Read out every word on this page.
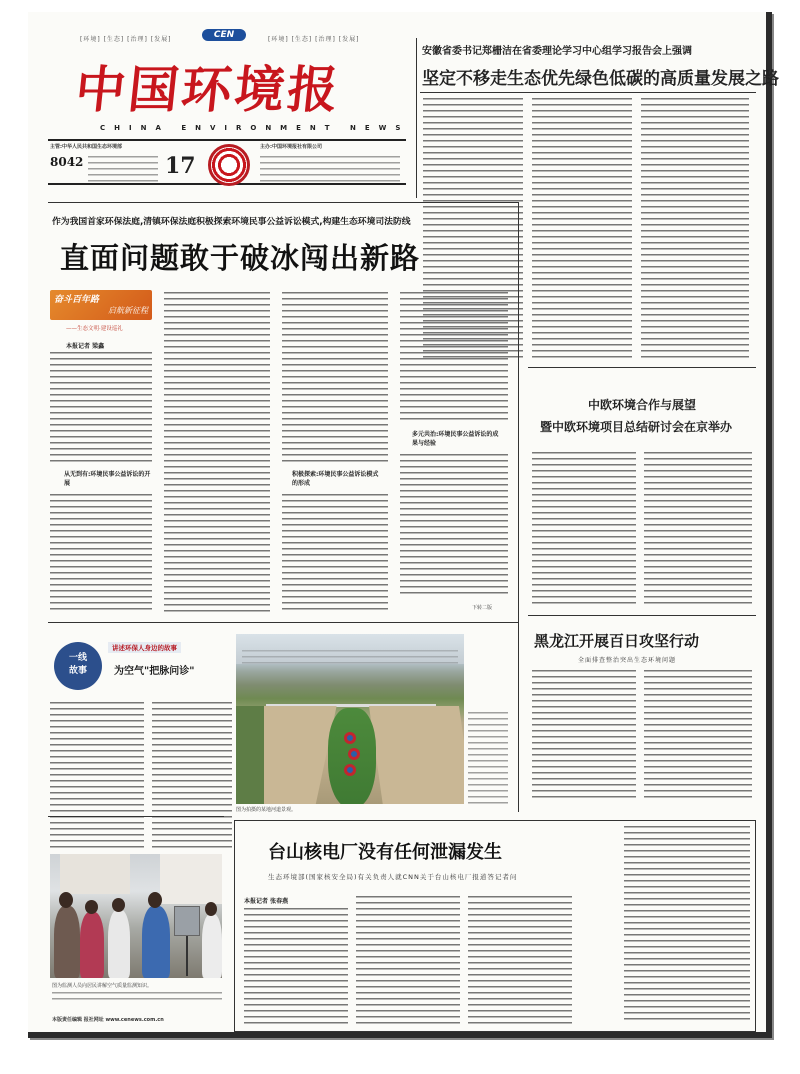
[环境] [生态] [治理] [发展]	CEN	[环境] [生态] [治理] [发展]
中国环境报
CHINA ENVIRONMENT NEWS
主管:中华人民共和国生态环境部	主办:中国环境报社有限公司
8042	17
安徽省委书记郑栅洁在省委理论学习中心组学习报告会上强调
坚定不移走生态优先绿色低碳的高质量发展之路
作为我国首家环保法庭,清镇环保法庭积极探索环境民事公益诉讼模式,构建生态环境司法防线
直面问题敢于破冰闯出新路
奋斗百年路
启航新征程
——生态文明·建设巡礼
本报记者 梁鑫
从无到有:环境民事公益诉讼的开展
积极探索:环境民事公益诉讼模式的形成
多元共治:环境民事公益诉讼的成果与经验
下转二版
中欧环境合作与展望
暨中欧环境项目总结研讨会在京举办
黑龙江开展百日攻坚行动
全面排查整治突出生态环境问题
一线
故事
讲述环保人身边的故事
为空气"把脉问诊"
图为拍摄的某地河道景观。
图为监测人员向居民讲解空气质量监测知识。
本版责任编辑 报社网址 www.cenews.com.cn
台山核电厂没有任何泄漏发生
生态环境部(国家核安全局)有关负责人就CNN关于台山核电厂报道答记者问
本报记者 张春燕
